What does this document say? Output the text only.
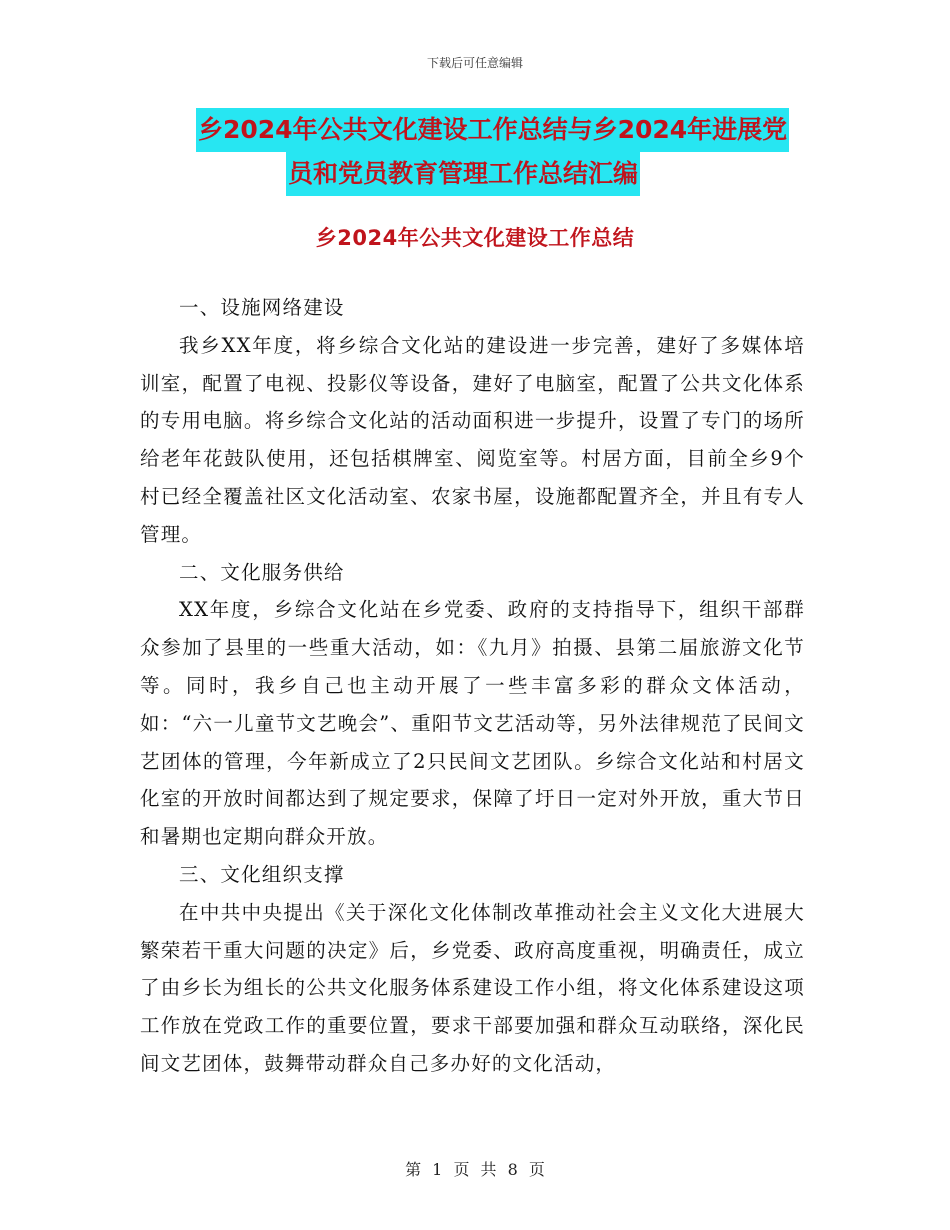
下载后可任意编辑
乡2024年公共文化建设工作总结与乡2024年进展党
员和党员教育管理工作总结汇编
乡2024年公共文化建设工作总结

一、设施网络建设

我乡XX年度，将乡综合文化站的建设进一步完善，建好了多媒体培训室，配置了电视、投影仪等设备，建好了电脑室，配置了公共文化体系的专用电脑。将乡综合文化站的活动面积进一步提升，设置了专门的场所给老年花鼓队使用，还包括棋牌室、阅览室等。村居方面，目前全乡9个村已经全覆盖社区文化活动室、农家书屋，设施都配置齐全，并且有专人管理。

二、文化服务供给

XX年度，乡综合文化站在乡党委、政府的支持指导下，组织干部群众参加了县里的一些重大活动，如：《九月》拍摄、县第二届旅游文化节等。同时，我乡自己也主动开展了一些丰富多彩的群众文体活动，如：“六一儿童节文艺晚会”、重阳节文艺活动等，另外法律规范了民间文艺团体的管理，今年新成立了2只民间文艺团队。乡综合文化站和村居文化室的开放时间都达到了规定要求，保障了圩日一定对外开放，重大节日和暑期也定期向群众开放。

三、文化组织支撑

在中共中央提出《关于深化文化体制改革推动社会主义文化大进展大繁荣若干重大问题的决定》后，乡党委、政府高度重视，明确责任，成立了由乡长为组长的公共文化服务体系建设工作小组，将文化体系建设这项工作放在党政工作的重要位置，要求干部要加强和群众互动联络，深化民间文艺团体，鼓舞带动群众自己多办好的文化活动，

第 1 页 共 8 页
